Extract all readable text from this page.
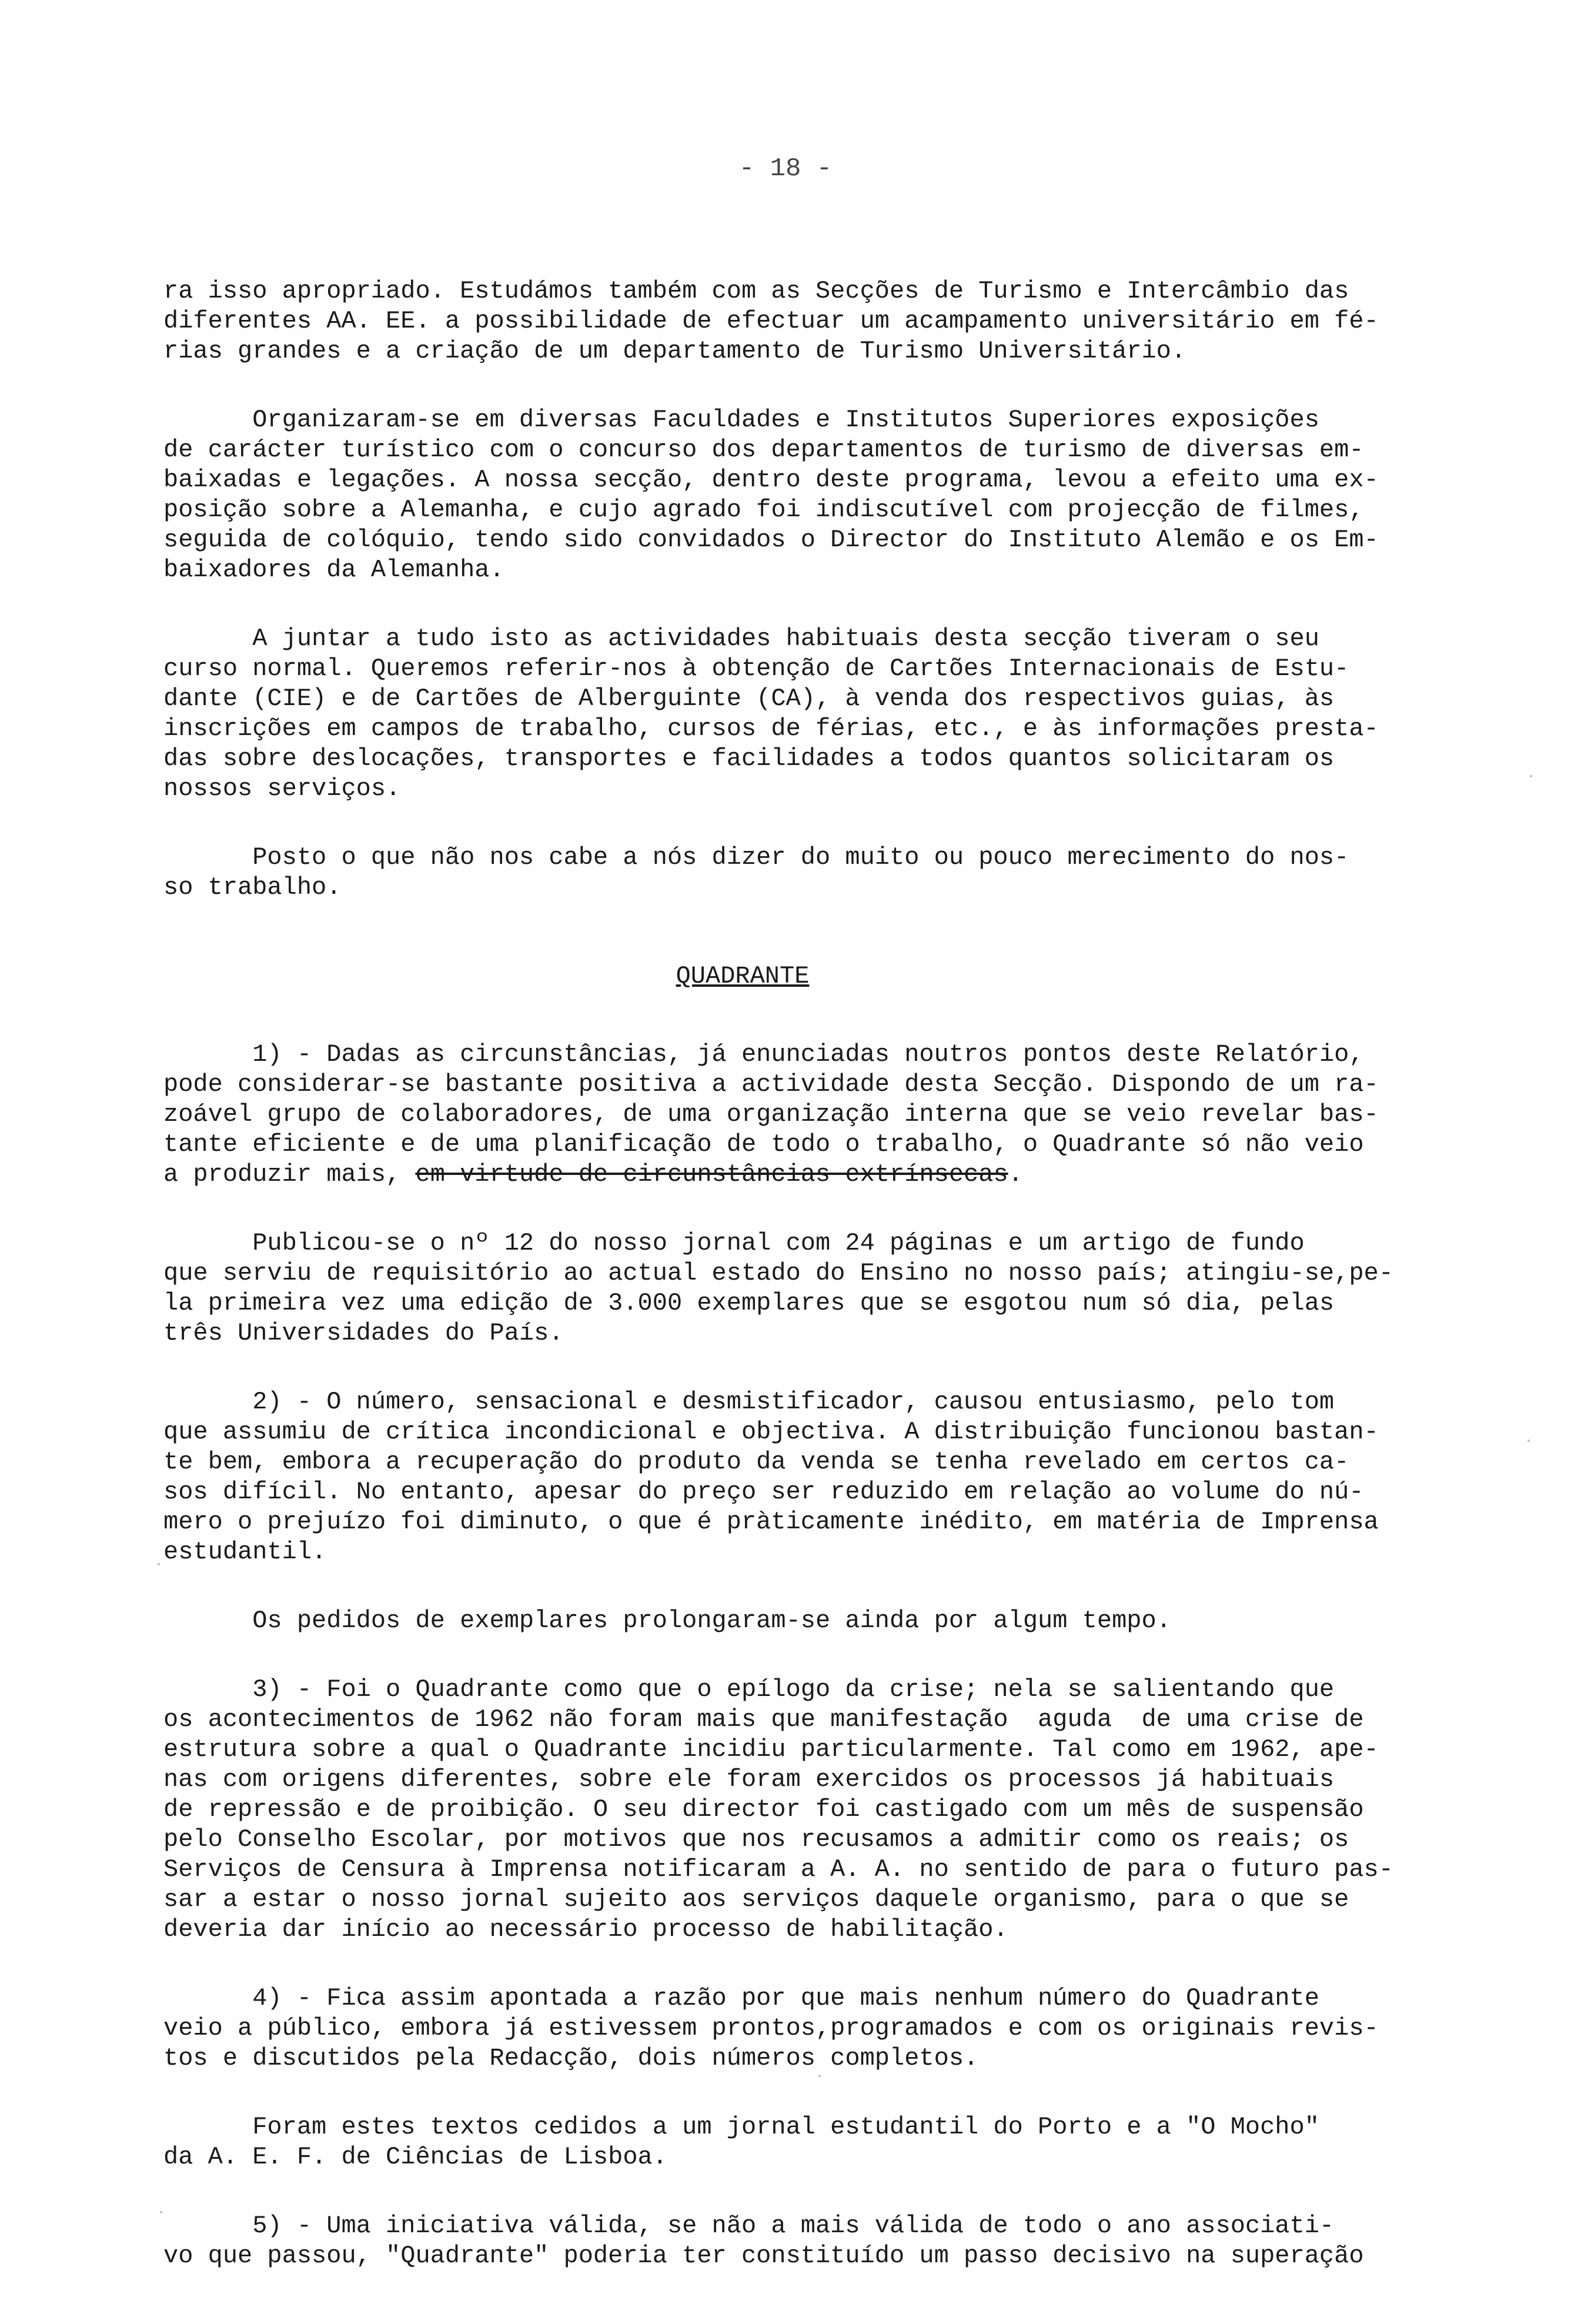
- 18 -
ra isso apropriado. Estudámos também com as Secções de Turismo e Intercâmbio das
diferentes AA. EE. a possibilidade de efectuar um acampamento universitário em fé-
rias grandes e a criação de um departamento de Turismo Universitário.
Organizaram-se em diversas Faculdades e Institutos Superiores exposições
de carácter turístico com o concurso dos departamentos de turismo de diversas em-
baixadas e legações. A nossa secção, dentro deste programa, levou a efeito uma ex-
posição sobre a Alemanha, e cujo agrado foi indiscutível com projecção de filmes,
seguida de colóquio, tendo sido convidados o Director do Instituto Alemão e os Em-
baixadores da Alemanha.
A juntar a tudo isto as actividades habituais desta secção tiveram o seu
curso normal. Queremos referir-nos à obtenção de Cartões Internacionais de Estu-
dante (CIE) e de Cartões de Alberguinte (CA), à venda dos respectivos guias, às
inscrições em campos de trabalho, cursos de férias, etc., e às informações presta-
das sobre deslocações, transportes e facilidades a todos quantos solicitaram os
nossos serviços.
Posto o que não nos cabe a nós dizer do muito ou pouco merecimento do nos-
so trabalho.
QUADRANTE
1) - Dadas as circunstâncias, já enunciadas noutros pontos deste Relatório,
pode considerar-se bastante positiva a actividade desta Secção. Dispondo de um ra-
zoável grupo de colaboradores, de uma organização interna que se veio revelar bas-
tante eficiente e de uma planificação de todo o trabalho, o Quadrante só não veio
a produzir mais, em virtude de circunstâncias extrínsecas.
Publicou-se o nº 12 do nosso jornal com 24 páginas e um artigo de fundo
que serviu de requisitório ao actual estado do Ensino no nosso país; atingiu-se,pe-
la primeira vez uma edição de 3.000 exemplares que se esgotou num só dia, pelas
três Universidades do País.
2) - O número, sensacional e desmistificador, causou entusiasmo, pelo tom
que assumiu de crítica incondicional e objectiva. A distribuição funcionou bastan-
te bem, embora a recuperação do produto da venda se tenha revelado em certos ca-
sos difícil. No entanto, apesar do preço ser reduzido em relação ao volume do nú-
mero o prejuízo foi diminuto, o que é pràticamente inédito, em matéria de Imprensa
estudantil.
Os pedidos de exemplares prolongaram-se ainda por algum tempo.
3) - Foi o Quadrante como que o epílogo da crise; nela se salientando que
os acontecimentos de 1962 não foram mais que manifestação  aguda  de uma crise de
estrutura sobre a qual o Quadrante incidiu particularmente. Tal como em 1962, ape-
nas com origens diferentes, sobre ele foram exercidos os processos já habituais
de repressão e de proibição. O seu director foi castigado com um mês de suspensão
pelo Conselho Escolar, por motivos que nos recusamos a admitir como os reais; os
Serviços de Censura à Imprensa notificaram a A. A. no sentido de para o futuro pas-
sar a estar o nosso jornal sujeito aos serviços daquele organismo, para o que se
deveria dar início ao necessário processo de habilitação.
4) - Fica assim apontada a razão por que mais nenhum número do Quadrante
veio a público, embora já estivessem prontos,programados e com os originais revis-
tos e discutidos pela Redacção, dois números completos.
Foram estes textos cedidos a um jornal estudantil do Porto e a "O Mocho"
da A. E. F. de Ciências de Lisboa.
5) - Uma iniciativa válida, se não a mais válida de todo o ano associati-
vo que passou, "Quadrante" poderia ter constituído um passo decisivo na superação
